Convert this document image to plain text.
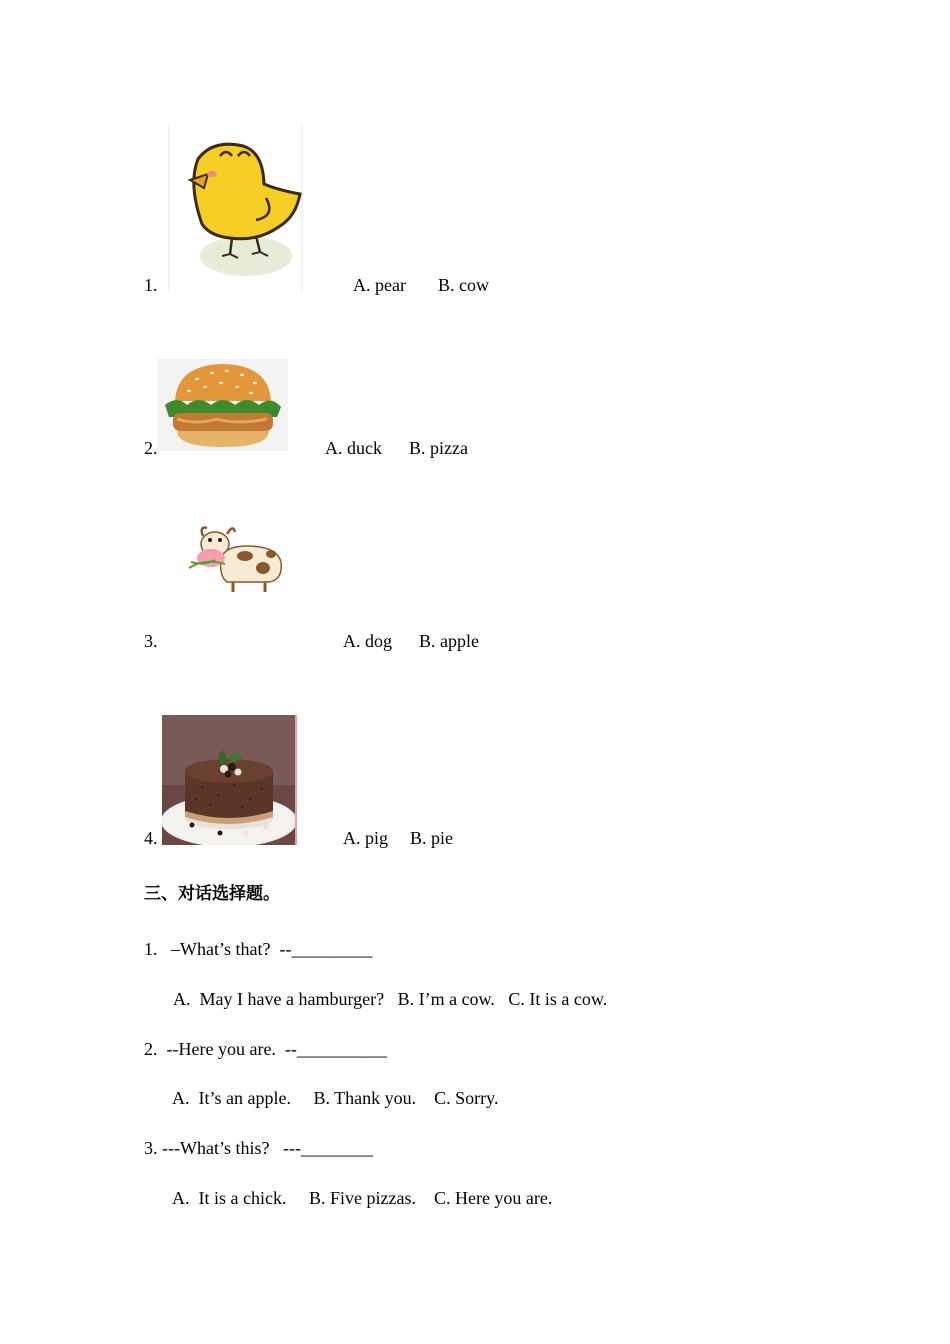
1.	A. pear B. cow
2.	A. duck B. pizza
3.	A. dog B. apple
4.	A. pig B. pie
三、对话选择题。
1.   –What’s that?  --_________
A.  May I have a hamburger?   B. I’m a cow.   C. It is a cow.
2.  --Here you are.  --__________
A.  It’s an apple.     B. Thank you.    C. Sorry.
3. ---What’s this?   ---________
A.  It is a chick.     B. Five pizzas.    C. Here you are.
